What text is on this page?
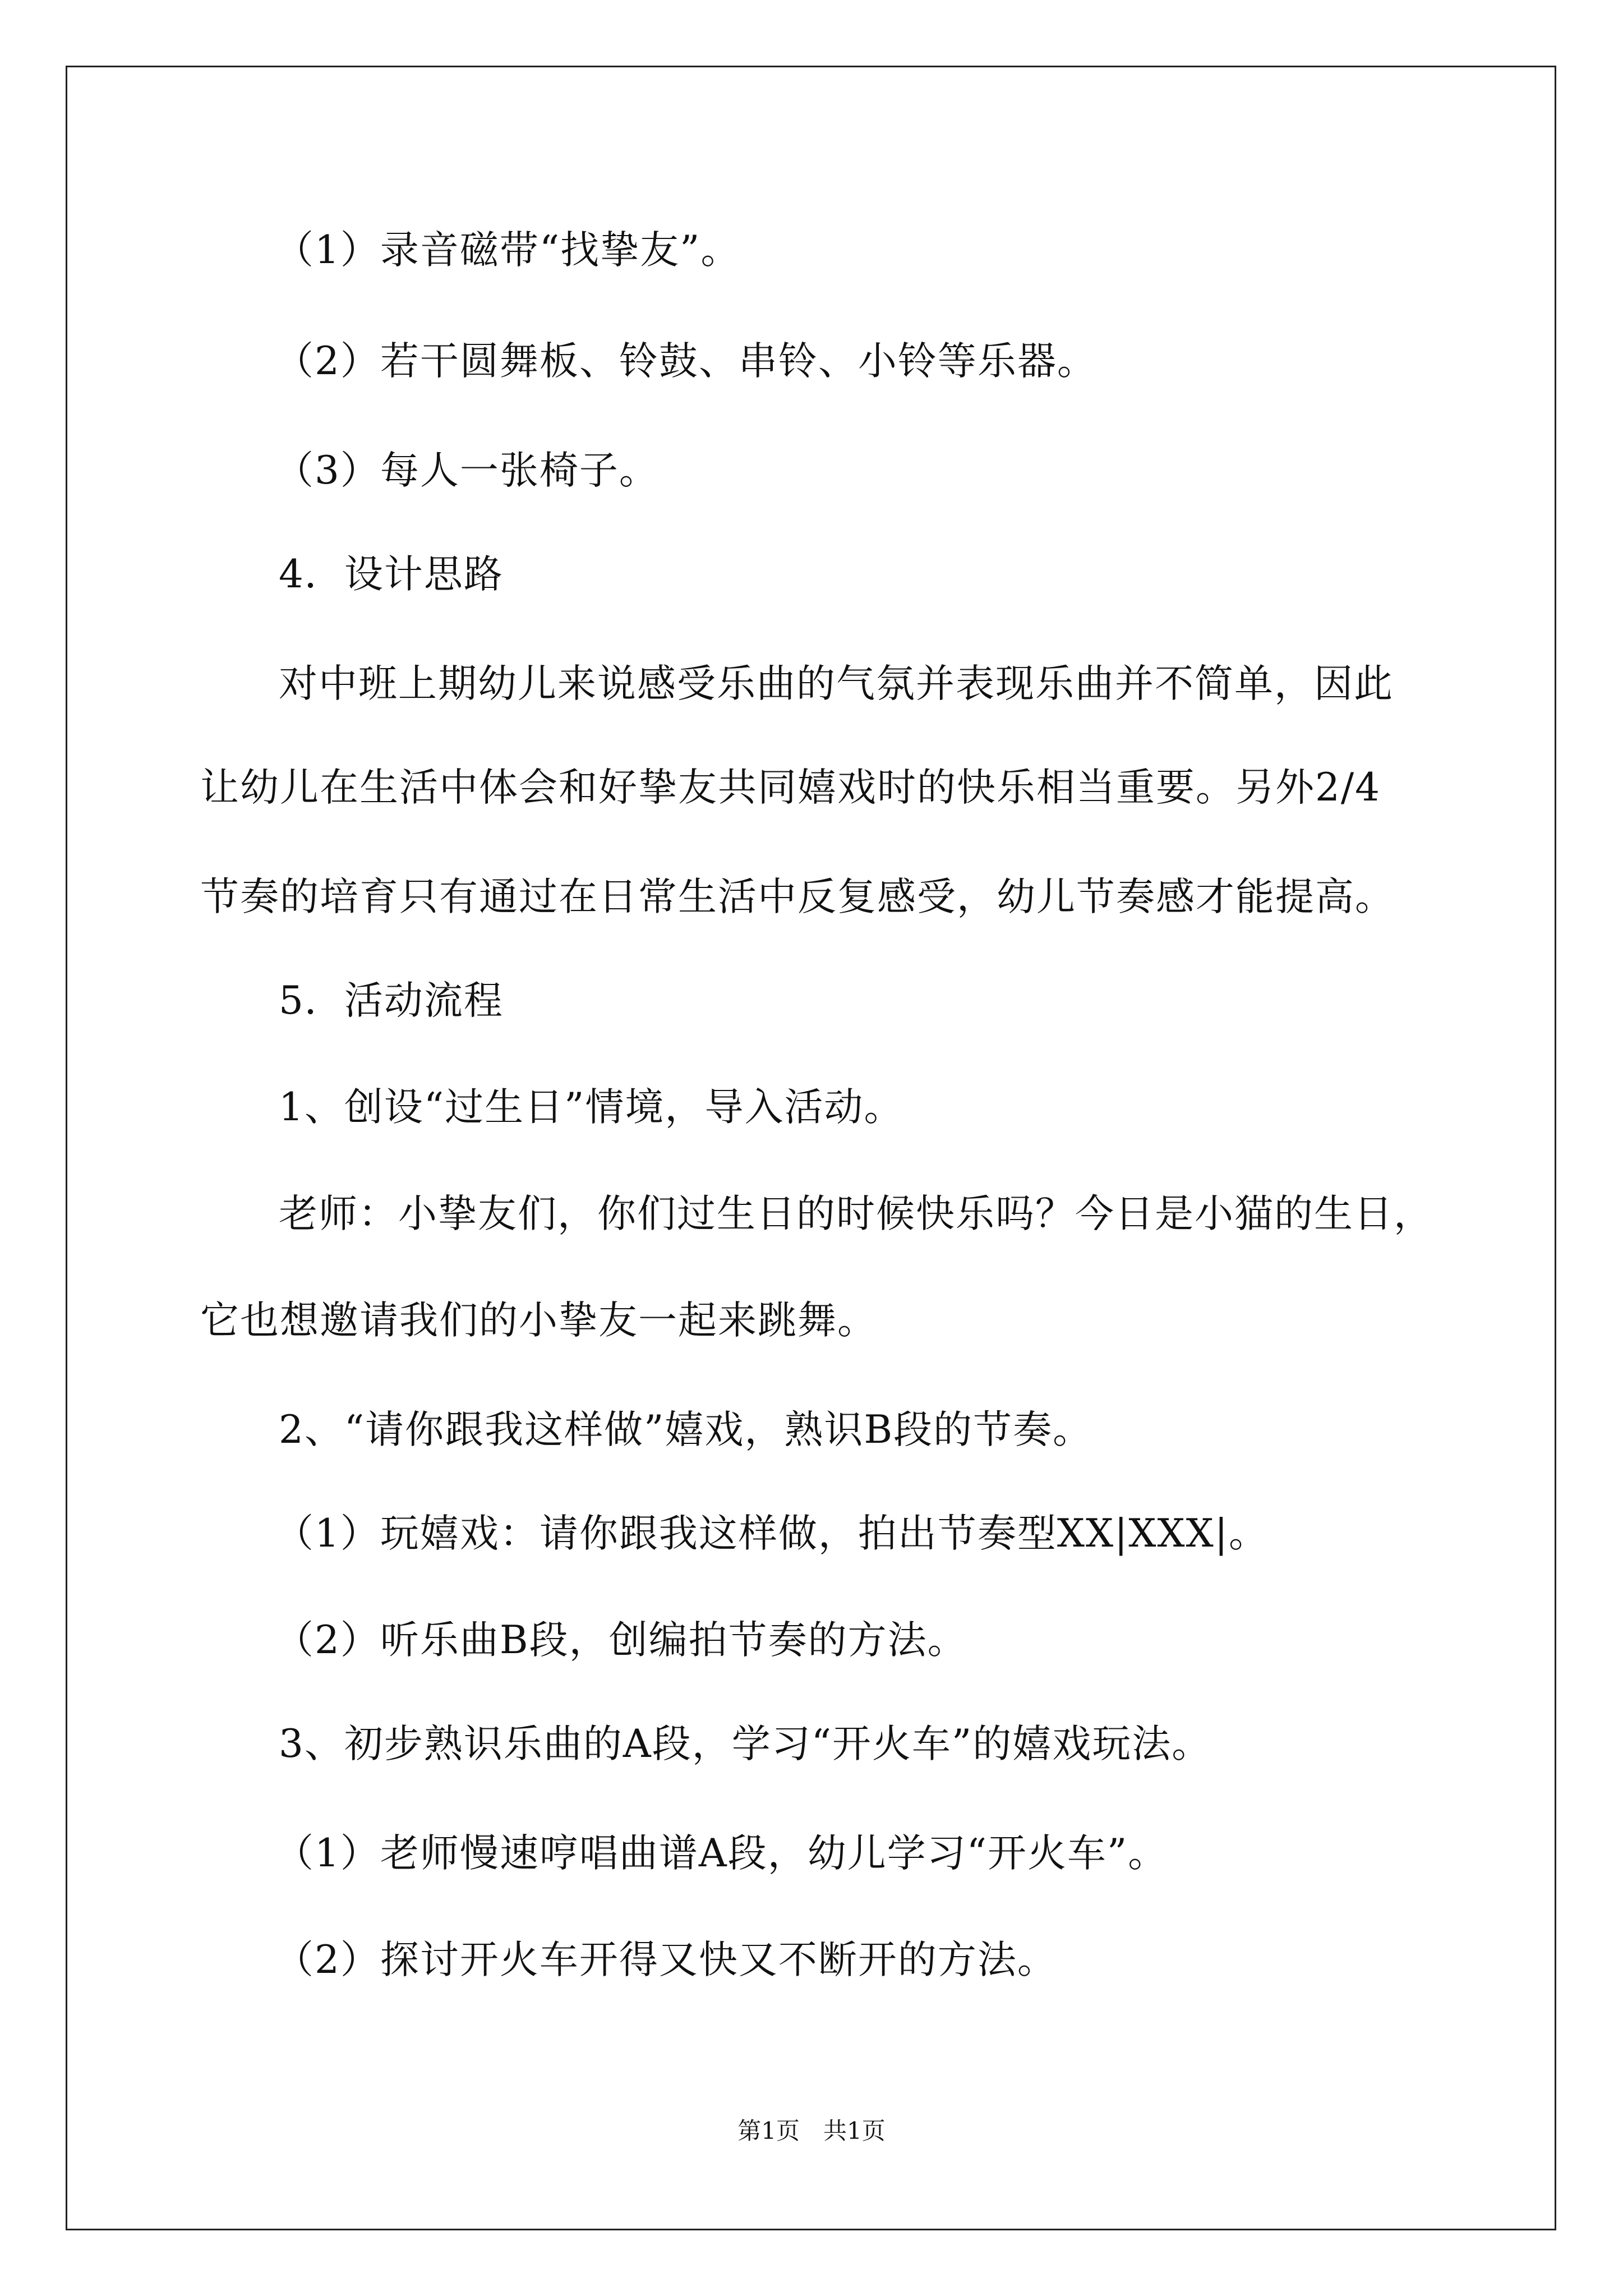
（1）录音磁带“找挚友”。
（2）若干圆舞板、铃鼓、串铃、小铃等乐器。
（3）每人一张椅子。
4．设计思路
对中班上期幼儿来说感受乐曲的气氛并表现乐曲并不简单，因此
让幼儿在生活中体会和好挚友共同嬉戏时的快乐相当重要。另外2/4
节奏的培育只有通过在日常生活中反复感受，幼儿节奏感才能提高。
5．活动流程
1、创设“过生日”情境，导入活动。
老师：小挚友们，你们过生日的时候快乐吗？今日是小猫的生日，
它也想邀请我们的小挚友一起来跳舞。
2、“请你跟我这样做”嬉戏，熟识B段的节奏。
（1）玩嬉戏：请你跟我这样做，拍出节奏型XX|XXX|。
（2）听乐曲B段，创编拍节奏的方法。
3、初步熟识乐曲的A段，学习“开火车”的嬉戏玩法。
（1）老师慢速哼唱曲谱A段，幼儿学习“开火车”。
（2）探讨开火车开得又快又不断开的方法。
第1页　共1页
